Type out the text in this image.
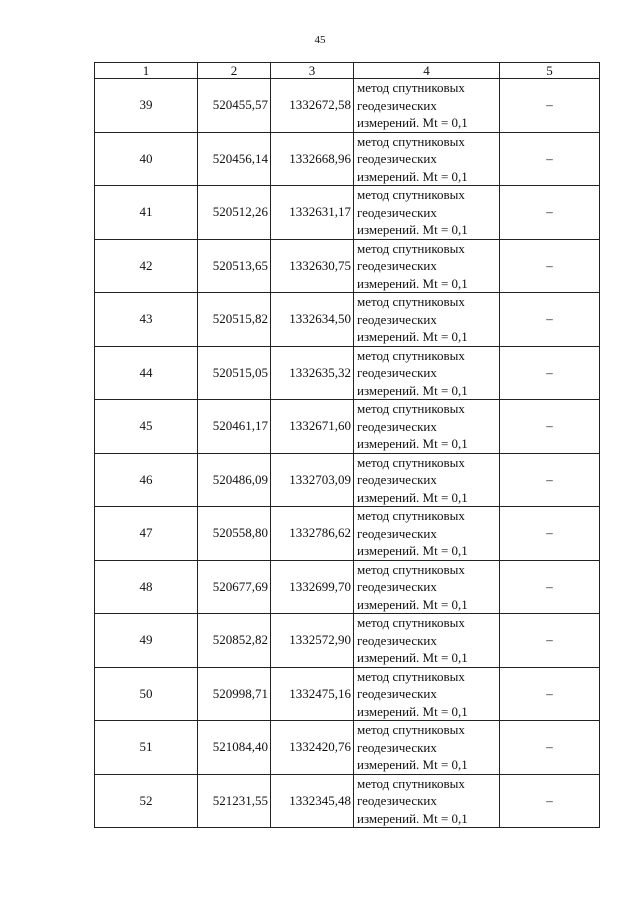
45
1	2	3	4	5
39	520455,57	1332672,58	метод спутниковых
геодезических
измерений. Mt = 0,1	–
40	520456,14	1332668,96	метод спутниковых
геодезических
измерений. Mt = 0,1	–
41	520512,26	1332631,17	метод спутниковых
геодезических
измерений. Mt = 0,1	–
42	520513,65	1332630,75	метод спутниковых
геодезических
измерений. Mt = 0,1	–
43	520515,82	1332634,50	метод спутниковых
геодезических
измерений. Mt = 0,1	–
44	520515,05	1332635,32	метод спутниковых
геодезических
измерений. Mt = 0,1	–
45	520461,17	1332671,60	метод спутниковых
геодезических
измерений. Mt = 0,1	–
46	520486,09	1332703,09	метод спутниковых
геодезических
измерений. Mt = 0,1	–
47	520558,80	1332786,62	метод спутниковых
геодезических
измерений. Mt = 0,1	–
48	520677,69	1332699,70	метод спутниковых
геодезических
измерений. Mt = 0,1	–
49	520852,82	1332572,90	метод спутниковых
геодезических
измерений. Mt = 0,1	–
50	520998,71	1332475,16	метод спутниковых
геодезических
измерений. Mt = 0,1	–
51	521084,40	1332420,76	метод спутниковых
геодезических
измерений. Mt = 0,1	–
52	521231,55	1332345,48	метод спутниковых
геодезических
измерений. Mt = 0,1	–
